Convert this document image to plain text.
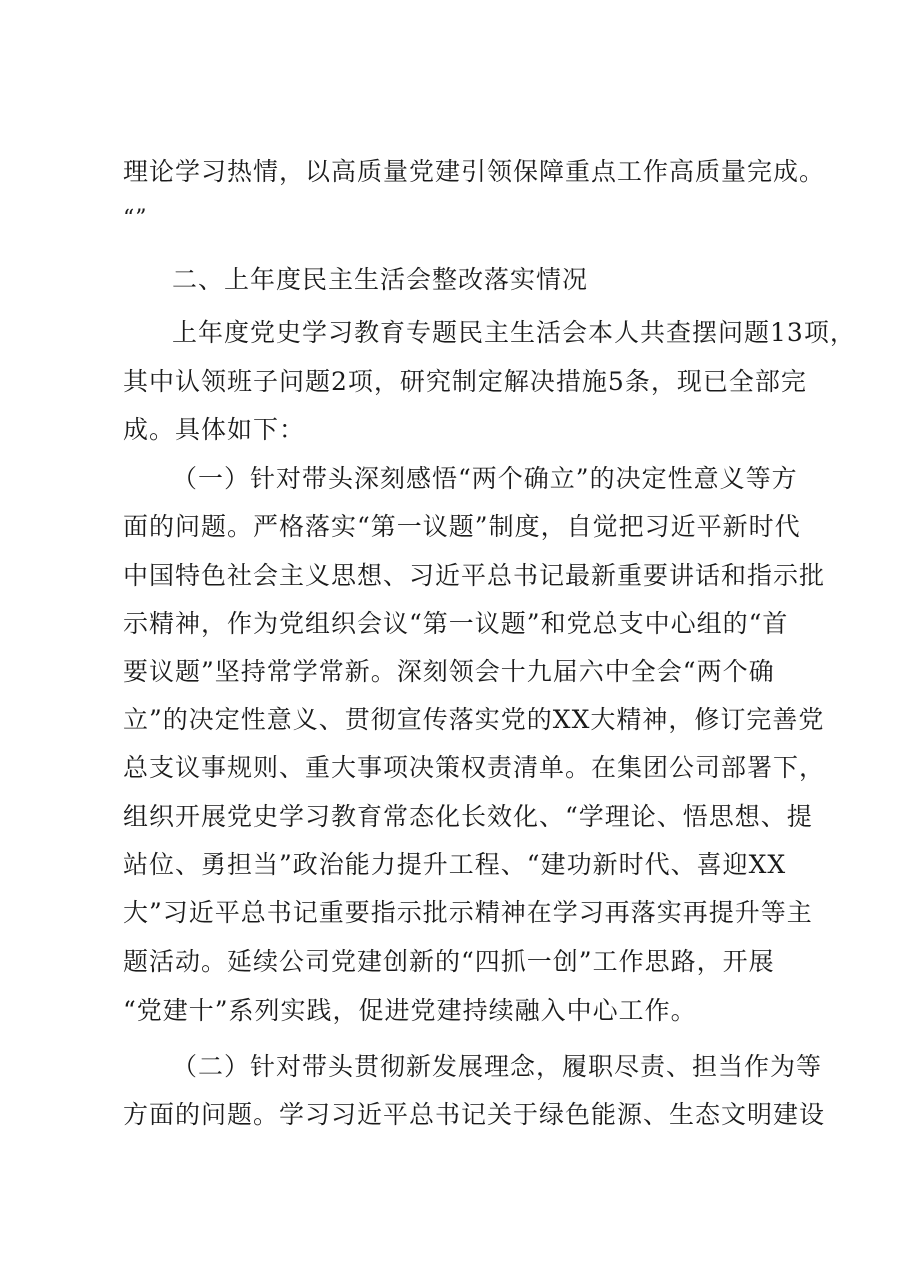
理论学习热情，以高质量党建引领保障重点工作高质量完成。
“”
二、上年度民主生活会整改落实情况
上年度党史学习教育专题民主生活会本人共查摆问题13项，
其中认领班子问题2项，研究制定解决措施5条，现已全部完
成。具体如下：
（一）针对带头深刻感悟“两个确立”的决定性意义等方
面的问题。严格落实“第一议题”制度，自觉把习近平新时代
中国特色社会主义思想、习近平总书记最新重要讲话和指示批
示精神，作为党组织会议“第一议题”和党总支中心组的“首
要议题”坚持常学常新。深刻领会十九届六中全会“两个确
立”的决定性意义、贯彻宣传落实党的XX大精神，修订完善党
总支议事规则、重大事项决策权责清单。在集团公司部署下，
组织开展党史学习教育常态化长效化、“学理论、悟思想、提
站位、勇担当”政治能力提升工程、“建功新时代、喜迎XX
大”习近平总书记重要指示批示精神在学习再落实再提升等主
题活动。延续公司党建创新的“四抓一创”工作思路，开展
“党建十”系列实践，促进党建持续融入中心工作。
（二）针对带头贯彻新发展理念，履职尽责、担当作为等
方面的问题。学习习近平总书记关于绿色能源、生态文明建设
